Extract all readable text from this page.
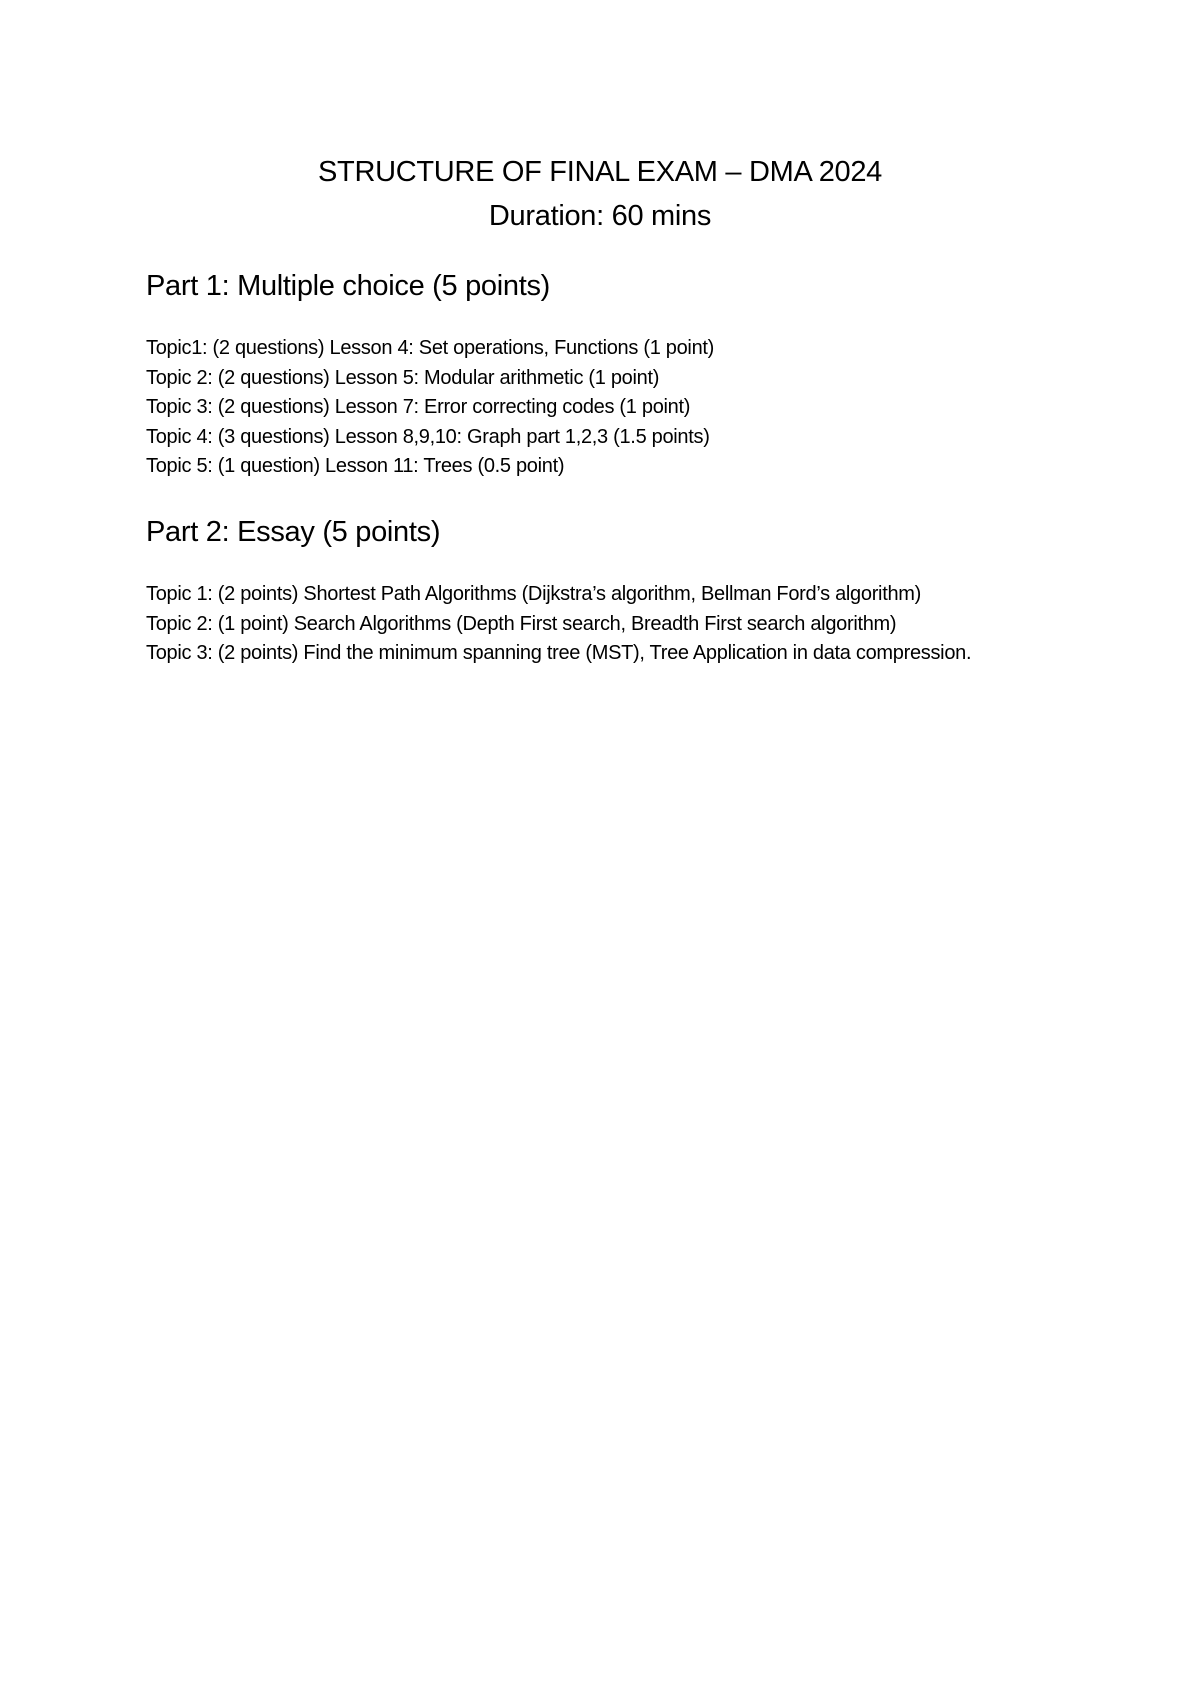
STRUCTURE OF FINAL EXAM – DMA 2024
Duration: 60 mins
Part 1: Multiple choice (5 points)
Topic1: (2 questions) Lesson 4: Set operations, Functions (1 point)
Topic 2: (2 questions) Lesson 5: Modular arithmetic (1 point)
Topic 3: (2 questions) Lesson 7: Error correcting codes (1 point)
Topic 4: (3 questions) Lesson 8,9,10: Graph part 1,2,3 (1.5 points)
Topic 5: (1 question) Lesson 11: Trees (0.5 point)
Part 2: Essay (5 points)
Topic 1: (2 points) Shortest Path Algorithms (Dijkstra’s algorithm, Bellman Ford’s algorithm)
Topic 2: (1 point) Search Algorithms (Depth First search, Breadth First search algorithm)
Topic 3: (2 points) Find the minimum spanning tree (MST), Tree Application in data compression.
